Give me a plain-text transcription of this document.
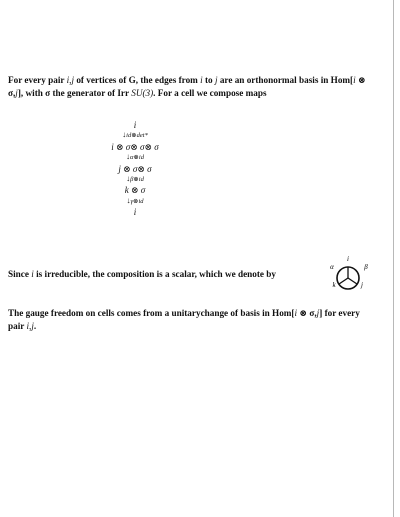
For every pair i,j of vertices of G, the edges from i to j are an orthonormal basis in Hom[i ⊗ σ,j], with σ the generator of Irr SU(3). For a cell we compose maps

i
↓id⊗det*
i ⊗ σ⊗ σ⊗ σ
↓α⊗id
j ⊗ σ⊗ σ
↓β⊗id
k ⊗ σ
↓γ⊗id
i

Since i is irreducible, the composition is a scalar, which we denote by

i
α	β
k	j

The gauge freedom on cells comes from a unitarychange of basis in Hom[i ⊗ σ,j] for every pair i,j.
